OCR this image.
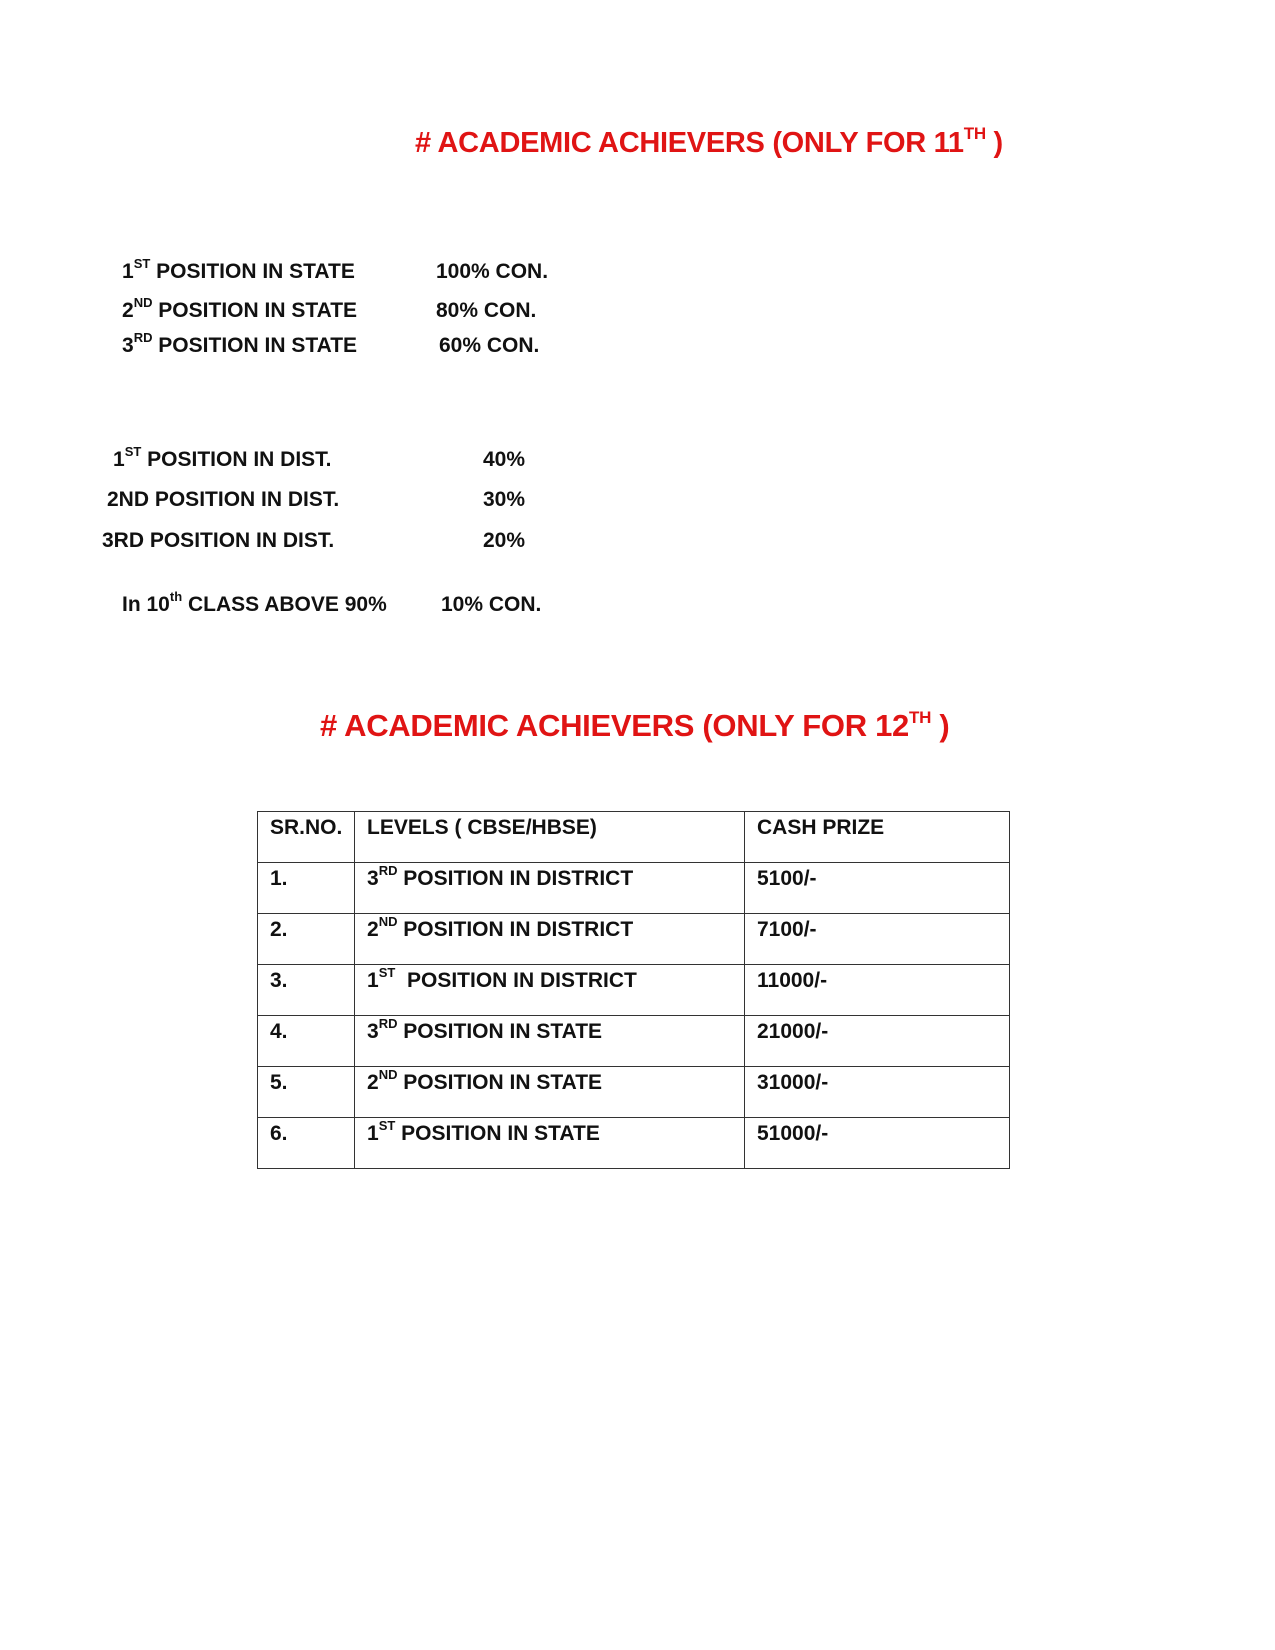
# ACADEMIC ACHIEVERS (ONLY FOR 11TH )
1ST POSITION IN STATE	100% CON.
2ND POSITION IN STATE	80% CON.
3RD POSITION IN STATE	60% CON.
1ST POSITION IN DIST.	40%
2ND POSITION IN DIST.	30%
3RD POSITION IN DIST.	20%
In 10th CLASS ABOVE 90%	10% CON.
# ACADEMIC ACHIEVERS (ONLY FOR 12TH )
SR.NO.	LEVELS ( CBSE/HBSE)	CASH PRIZE
1.	3RD POSITION IN DISTRICT	5100/-
2.	2ND POSITION IN DISTRICT	7100/-
3.	1ST  POSITION IN DISTRICT	11000/-
4.	3RD POSITION IN STATE	21000/-
5.	2ND POSITION IN STATE	31000/-
6.	1ST POSITION IN STATE	51000/-
